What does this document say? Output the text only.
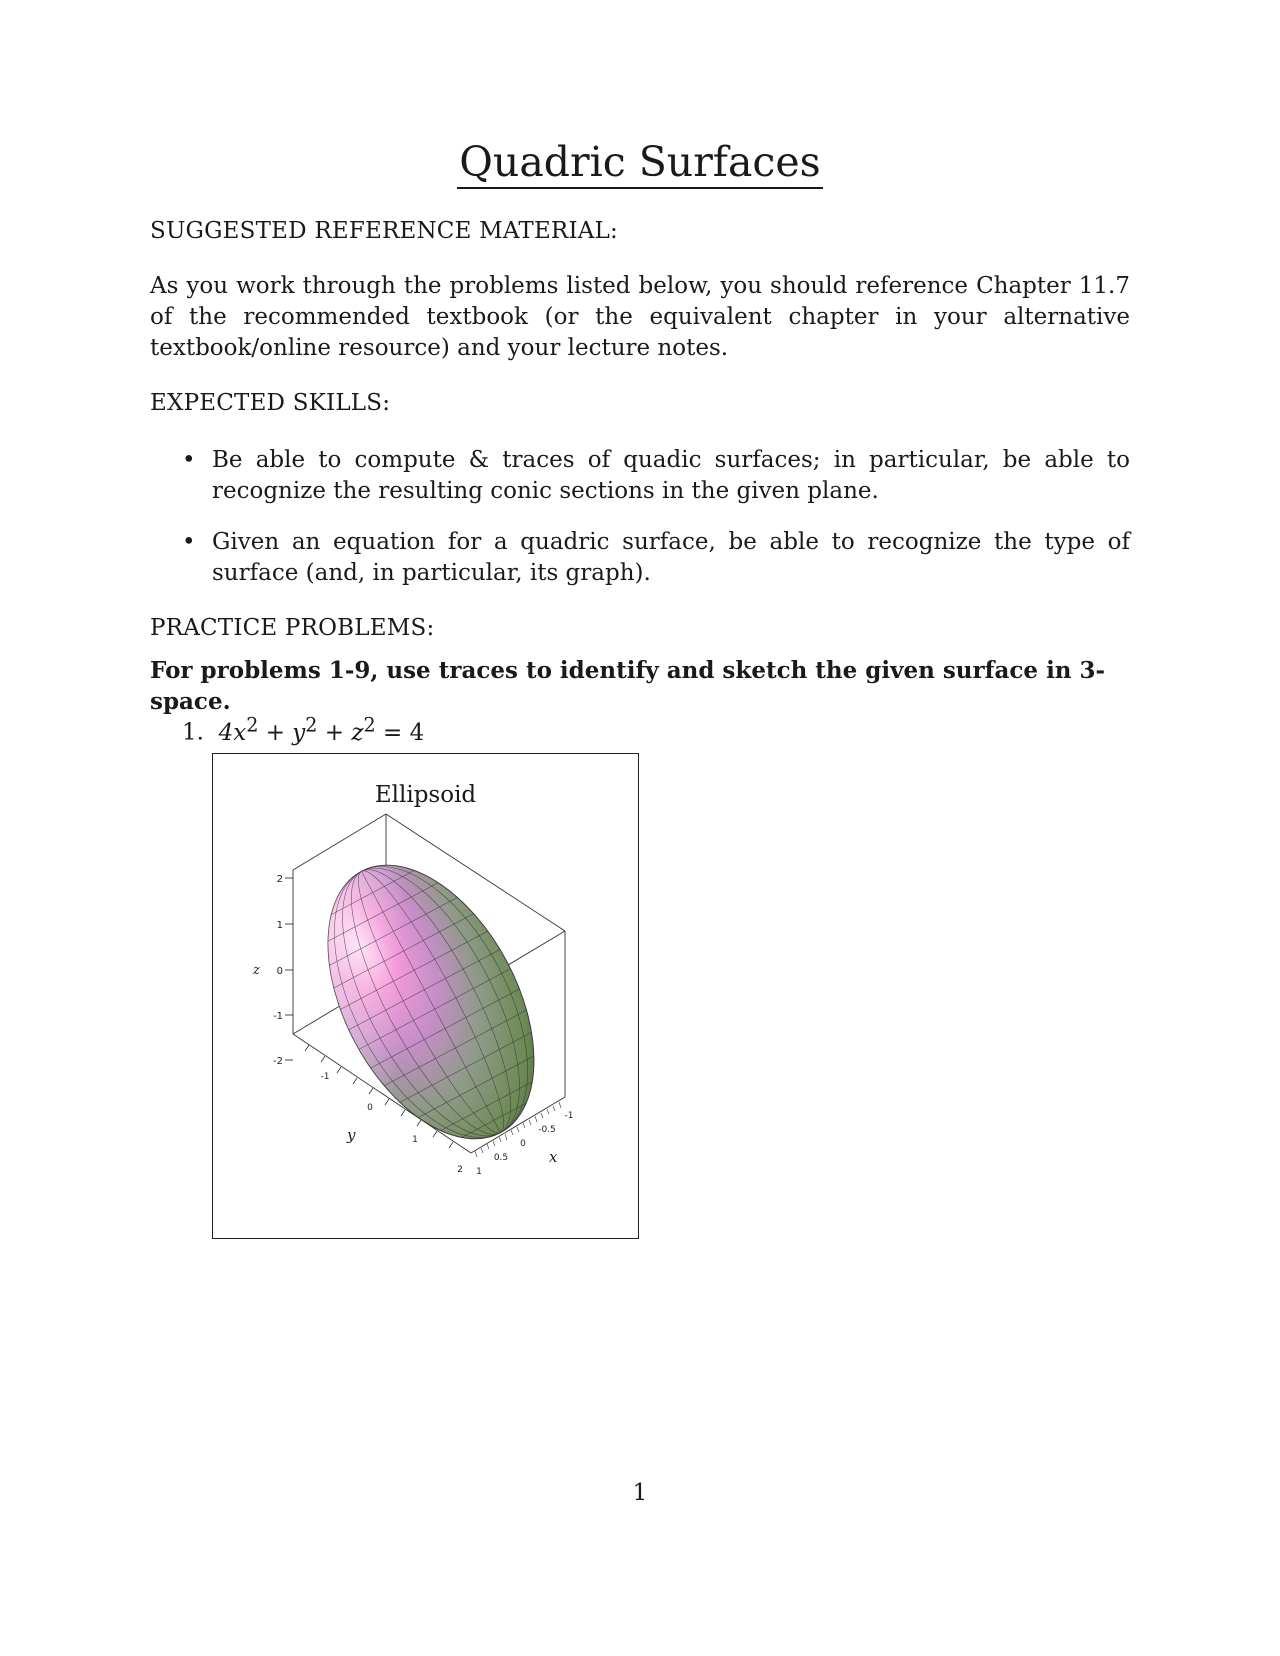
Quadric Surfaces
SUGGESTED REFERENCE MATERIAL:
As you work through the problems listed below, you should reference Chapter 11.7 of the recommended textbook (or the equivalent chapter in your alternative textbook/online resource) and your lecture notes.
EXPECTED SKILLS:
• Be able to compute & traces of quadic surfaces; in particular, be able to recognize the resulting conic sections in the given plane.
• Given an equation for a quadric surface, be able to recognize the type of surface (and, in particular, its graph).
PRACTICE PROBLEMS:
For problems 1-9, use traces to identify and sketch the given surface in 3-space.
1. $4x^2 + y^2 + z^2 = 4$
Ellipsoid
2
1
0
-1
-2
z
-1
0
1
2
y
-1
-0.5
0
0.5
1
x
1
